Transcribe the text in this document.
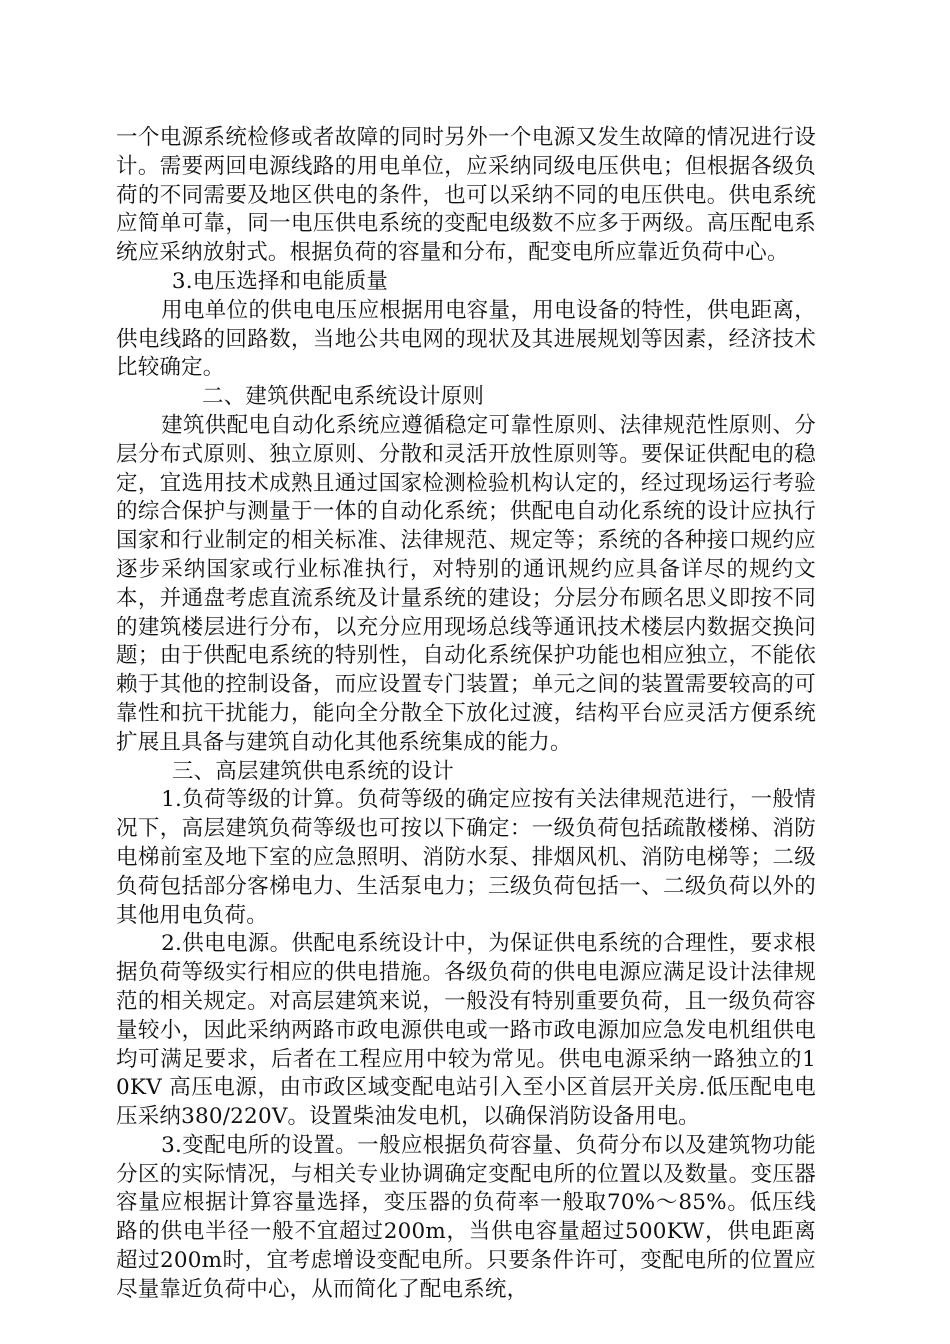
一个电源系统检修或者故障的同时另外一个电源又发生故障的情况进行设计。需要两回电源线路的用电单位，应采纳同级电压供电；但根据各级负荷的不同需要及地区供电的条件，也可以采纳不同的电压供电。供电系统应简单可靠，同一电压供电系统的变配电级数不应多于两级。高压配电系统应采纳放射式。根据负荷的容量和分布，配变电所应靠近负荷中心。

3.电压选择和电能质量

用电单位的供电电压应根据用电容量，用电设备的特性，供电距离，供电线路的回路数，当地公共电网的现状及其进展规划等因素，经济技术比较确定。

二、建筑供配电系统设计原则

建筑供配电自动化系统应遵循稳定可靠性原则、法律规范性原则、分层分布式原则、独立原则、分散和灵活开放性原则等。要保证供配电的稳定，宜选用技术成熟且通过国家检测检验机构认定的，经过现场运行考验的综合保护与测量于一体的自动化系统；供配电自动化系统的设计应执行国家和行业制定的相关标准、法律规范、规定等；系统的各种接口规约应逐步采纳国家或行业标准执行，对特别的通讯规约应具备详尽的规约文本，并通盘考虑直流系统及计量系统的建设；分层分布顾名思义即按不同的建筑楼层进行分布，以充分应用现场总线等通讯技术楼层内数据交换问题；由于供配电系统的特别性，自动化系统保护功能也相应独立，不能依赖于其他的控制设备，而应设置专门装置；单元之间的装置需要较高的可靠性和抗干扰能力，能向全分散全下放化过渡，结构平台应灵活方便系统扩展且具备与建筑自动化其他系统集成的能力。

三、高层建筑供电系统的设计

1.负荷等级的计算。负荷等级的确定应按有关法律规范进行，一般情况下，高层建筑负荷等级也可按以下确定：一级负荷包括疏散楼梯、消防电梯前室及地下室的应急照明、消防水泵、排烟风机、消防电梯等；二级负荷包括部分客梯电力、生活泵电力；三级负荷包括一、二级负荷以外的其他用电负荷。

2.供电电源。供配电系统设计中，为保证供电系统的合理性，要求根据负荷等级实行相应的供电措施。各级负荷的供电电源应满足设计法律规范的相关规定。对高层建筑来说，一般没有特别重要负荷，且一级负荷容量较小，因此采纳两路市政电源供电或一路市政电源加应急发电机组供电均可满足要求，后者在工程应用中较为常见。供电电源采纳一路独立的10KV 高压电源，由市政区域变配电站引入至小区首层开关房.低压配电电压采纳380/220V。设置柴油发电机，以确保消防设备用电。

3.变配电所的设置。一般应根据负荷容量、负荷分布以及建筑物功能分区的实际情况，与相关专业协调确定变配电所的位置以及数量。变压器容量应根据计算容量选择，变压器的负荷率一般取70%～85%。低压线路的供电半径一般不宜超过200m，当供电容量超过500KW，供电距离超过200m时，宜考虑增设变配电所。只要条件许可，变配电所的位置应尽量靠近负荷中心，从而简化了配电系统，
